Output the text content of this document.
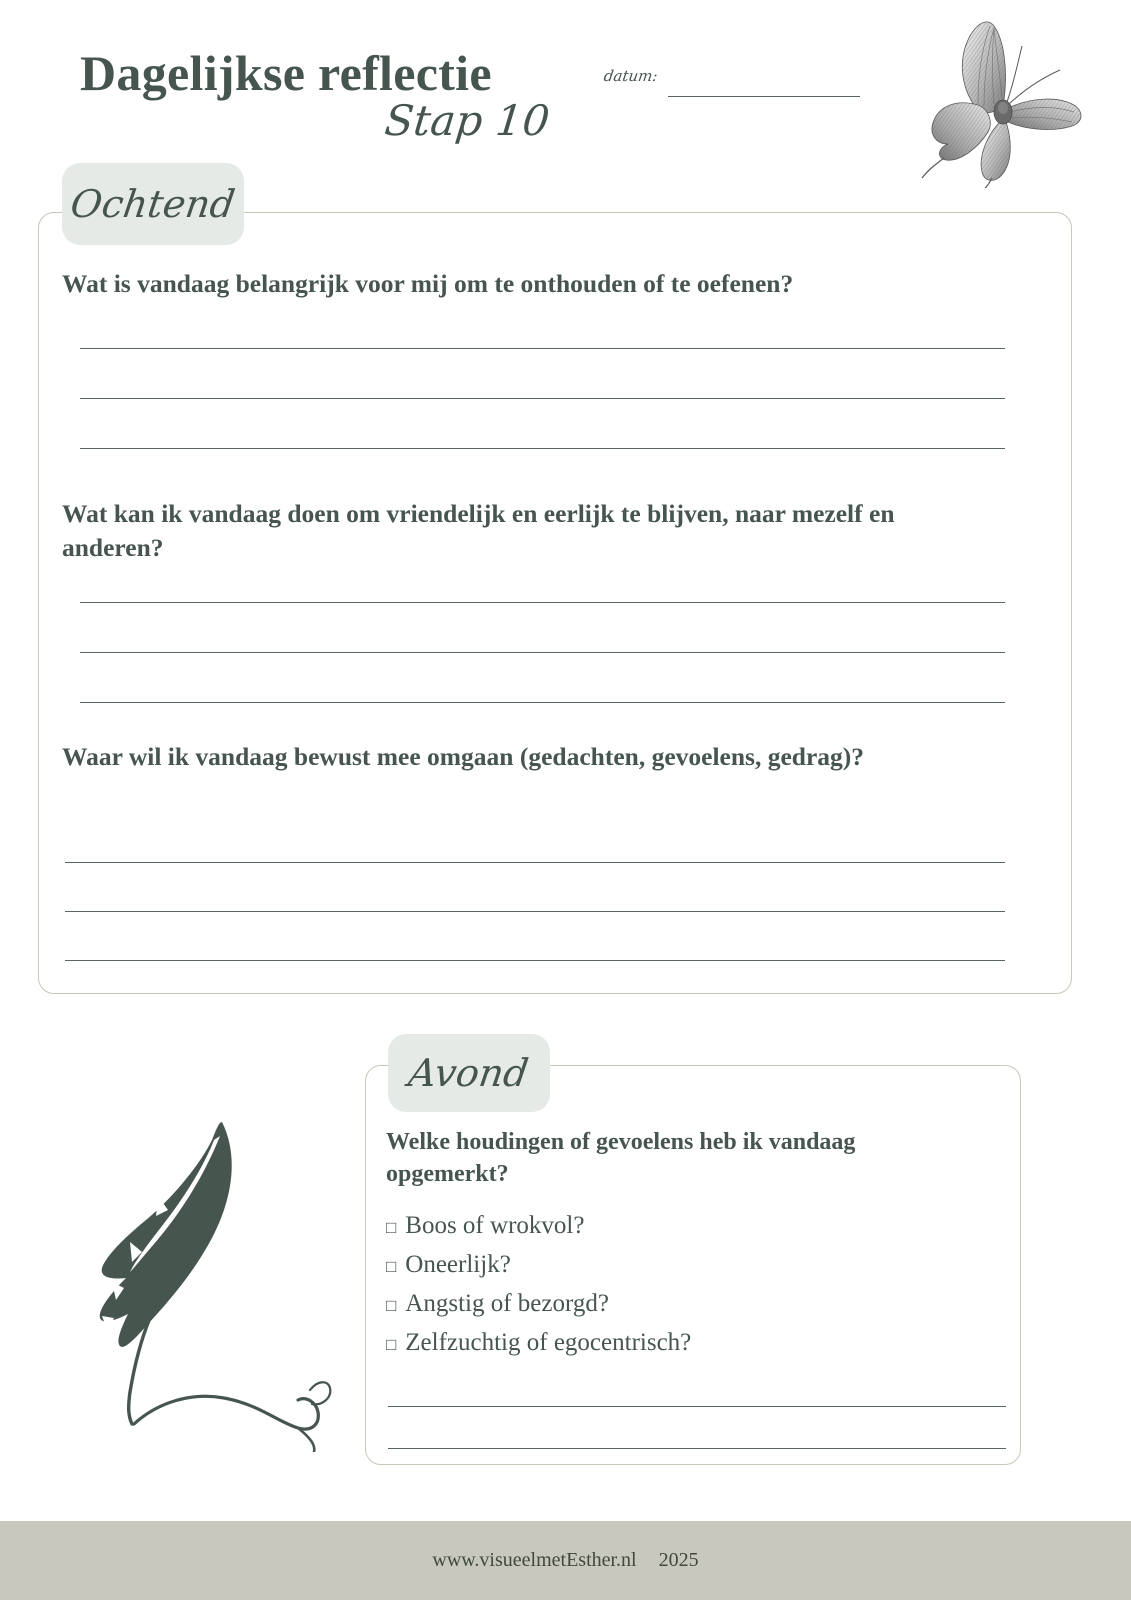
Dagelijkse reflectie
Stap 10
datum:
Ochtend
Wat is vandaag belangrijk voor mij om te onthouden of te oefenen?
Wat kan ik vandaag doen om vriendelijk en eerlijk te blijven, naar mezelf en anderen?
Waar wil ik vandaag bewust mee omgaan (gedachten, gevoelens, gedrag)?
Avond
Welke houdingen of gevoelens heb ik vandaag opgemerkt?
□ Boos of wrokvol?
□ Oneerlijk?
□ Angstig of bezorgd?
□ Zelfzuchtig of egocentrisch?
www.visueelmetEsther.nl 2025
